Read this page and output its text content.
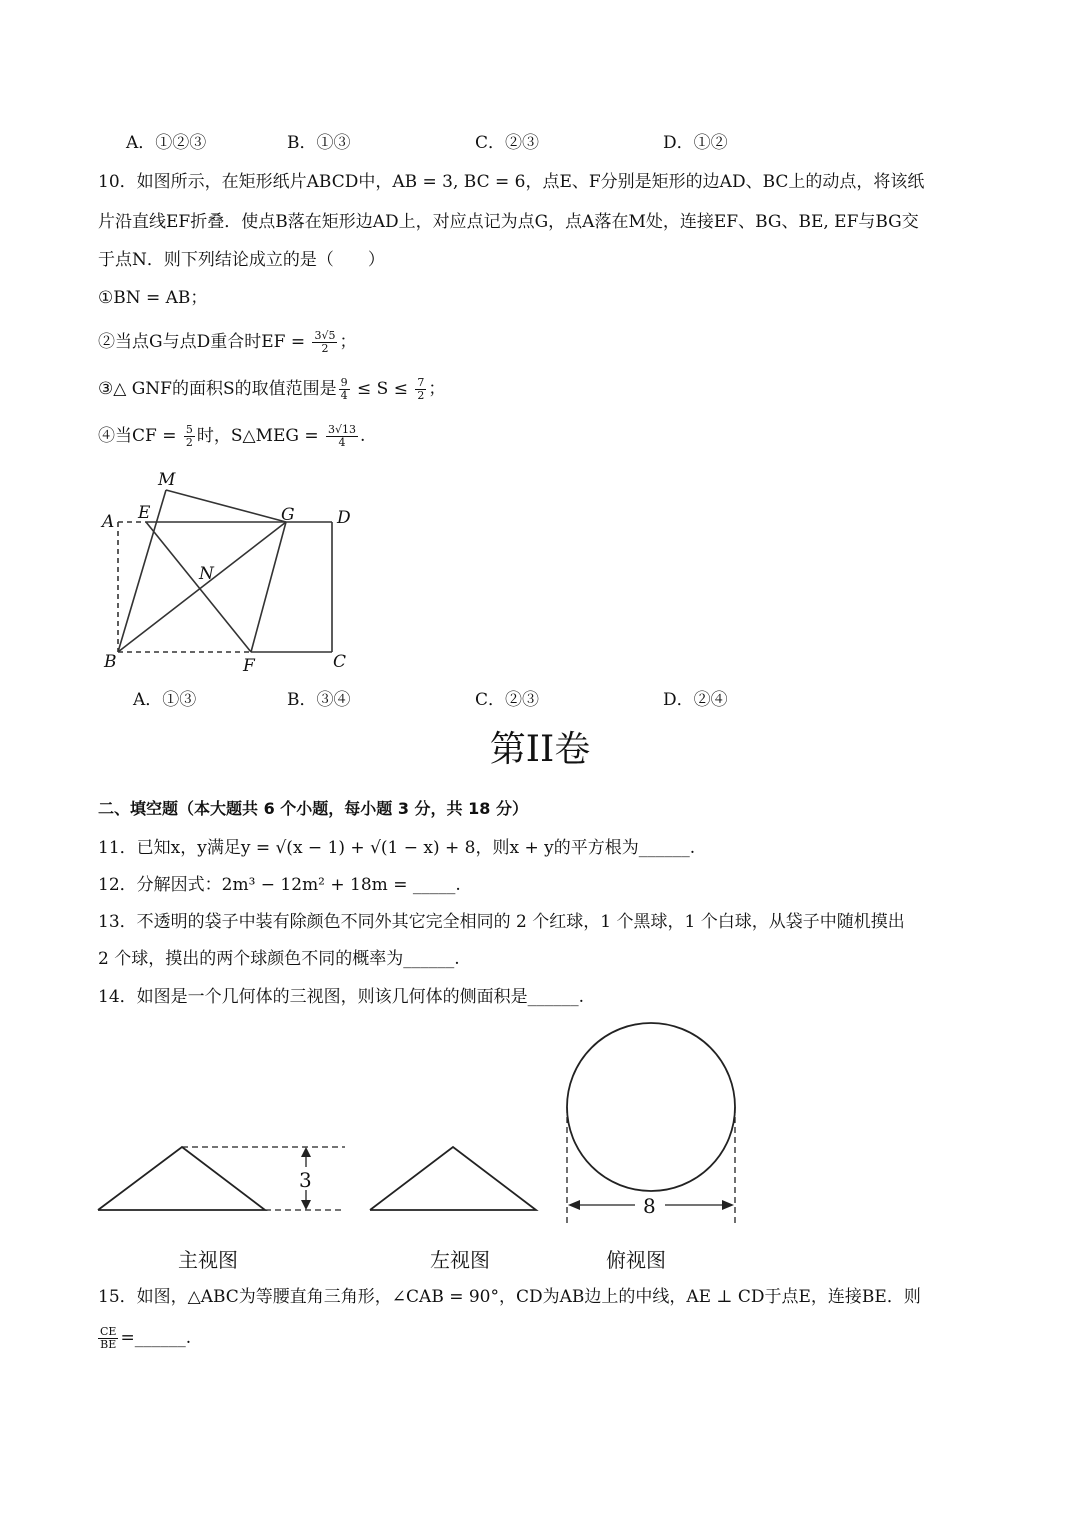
A．①②③	B．①③	C．②③	D．①②
10．如图所示，在矩形纸片ABCD中，AB = 3, BC = 6，点E、F分别是矩形的边AD、BC上的动点，将该纸
片沿直线EF折叠．使点B落在矩形边AD上，对应点记为点G，点A落在M处，连接EF、BG、BE, EF与BG交
于点N．则下列结论成立的是（　　）
①BN = AB；
②当点G与点D重合时EF = $\frac{3√5}{2}$ ；
③△ GNF的面积S的取值范围是 $\frac{9}{4} \le S \le \frac{7}{2}$ ；
④当CF = $\frac{5}{2}$ 时，S△MEG = $\frac{3√13}{4}$ .
M
E	G D
A
N
B	F	C
A．①③	B．③④	C．②③	D．②④
第II卷
二、填空题（本大题共 6 个小题，每小题 3 分，共 18 分）
11．已知x，y满足y = √(x − 1) + √(1 − x) + 8，则x + y的平方根为______.
12．分解因式：2m³ − 12m² + 18m = _____.
13．不透明的袋子中装有除颜色不同外其它完全相同的 2 个红球，1 个黑球，1 个白球，从袋子中随机摸出
2 个球，摸出的两个球颜色不同的概率为______.
14．如图是一个几何体的三视图，则该几何体的侧面积是______.
3
8
主视图	左视图	俯视图
15．如图，△ABC为等腰直角三角形，∠CAB = 90°，CD为AB边上的中线，AE ⊥ CD于点E，连接BE．则
$\frac{CE}{BE}$ =______.
